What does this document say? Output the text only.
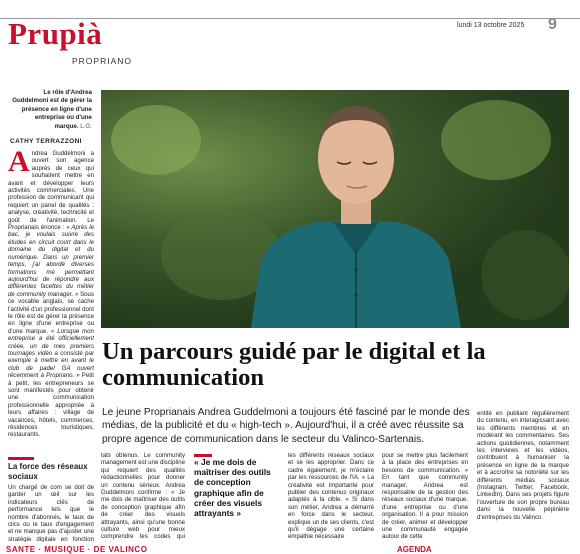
Prupià
PROPRIANO
lundi 13 octobre 2025 9
Le rôle d'Andrea Guddelmoni est de gérer la présence en ligne d'une entreprise ou d'une marque. L.G.
CATHY TERRAZZONI
Un parcours guidé par le digital et la communication
Le jeune Proprianais Andrea Guddelmoni a toujours été fasciné par le monde des médias, de la publicité et du « high-tech ». Aujourd'hui, il a créé avec réussite sa propre agence de communication dans le secteur du Valinco-Sartenais.
Andrea Guddelmoni a ouvert son agence auprès de ceux qui souhaitent mettre en avant et développer leurs activités commerciales. Une profession de communicant qui requiert un panel de qualités : analyse, créativité, technicité et goût de l'animation. Le Proprianais énonce : « Après le bac, je voulais suivre des études en circuit court dans le domaine du digital et du numérique. Dans un premier temps, j'ai abordé diverses formations me permettant aujourd'hui de répondre aux différentes facettes du métier de community manager. » Sous ce vocable anglais, se cache l'activité d'un professionnel dont le rôle est de gérer la présence en ligne d'une entreprise ou d'une marque. « Lorsque mon entreprise a été officiellement créée, un de mes premiers tournages vidéo a consisté par exemple à mettre en avant le club de padel GA ouvert récemment à Propriano. » Petit à petit, les entrepreneurs se sont manifestés pour obtenir une communication professionnelle appropriée à leurs affaires : village de vacances, hôtels, commerces, résidences touristiques, restaurants.
La force des réseaux sociaux
Un chargé de com se doit de garder un œil sur les indicateurs clés de performance tels que le nombre d'abonnés, le taux de clics ou le taux d'engagement et ne manque pas d'ajuster une stratégie digitale en fonction
tats obtenus. Le community management est une discipline qui requiert des qualités rédactionnelles pour donner un contenu sérieux. Andrea Guddelmoni confirme : « Je me dois de maîtriser des outils de conception graphique afin de créer des visuels attrayants, ainsi qu'une bonne culture web pour mieux comprendre les codes qui
« Je me dois de maîtriser des outils de conception graphique afin de créer des visuels attrayants »
les différents réseaux sociaux et se les approprier. Dans ce cadre également, je m'éclaire par les ressources de l'IA. » La créativité est importante pour publier des contenus originaux adaptés à la cible. « Si dans son métier, Andrea a démarré en force dans le secteur, explique un de ses clients, c'est qu'il dégage une certaine empathie nécessaire
pour se mettre plus facilement à la place des entreprises en besoins de communication. » En tant que community manager, Andrea est responsable de la gestion des réseaux sociaux d'une marque, d'une entreprise ou d'une organisation. Il a pour mission de créer, animer et développer une communauté engagée autour de cette
entité en publiant régulièrement du contenu, en interagissant avec les différents membres et en modérant les commentaires. Ses actions quotidiennes, notamment les interviews et les vidéos, contribuent à humaniser la présence en ligne de la marque et à accroître sa notoriété sur les différents médias sociaux (Instagram, Twitter, Facebook, LinkedIn). Dans ses projets figure l'ouverture de son propre bureau dans la nouvelle pépinière d'entreprises du Valinco.
SANTE · MUSIQUE · DE VALINCO	AGENDA
